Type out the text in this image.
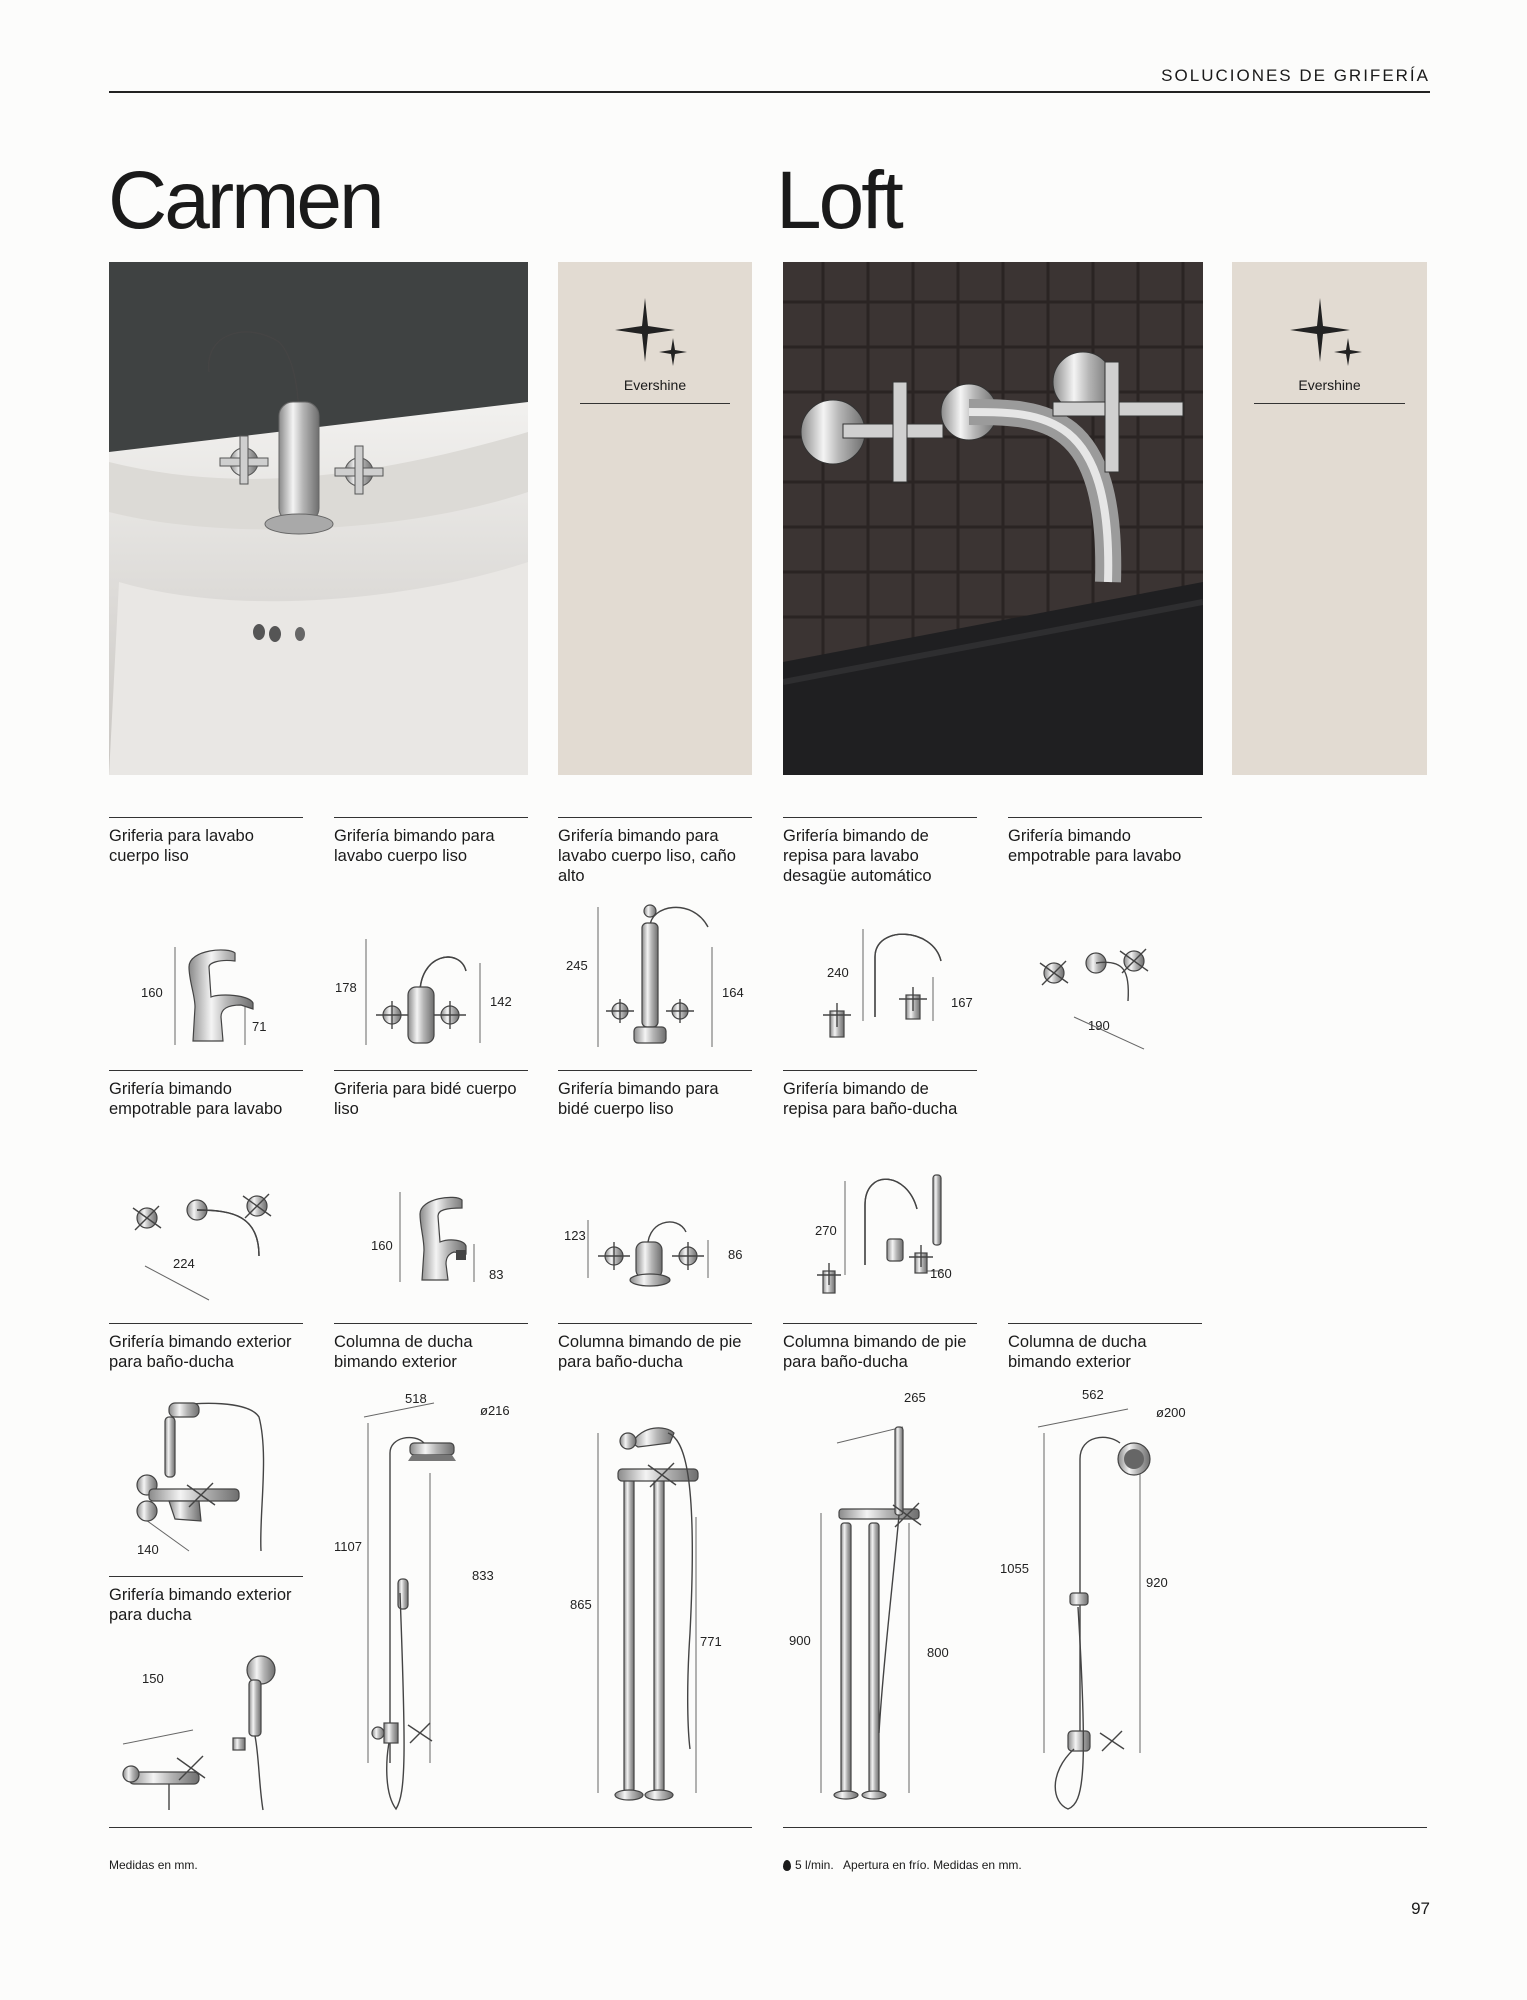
SOLUCIONES DE GRIFERÍA
Carmen	Loft
Evershine	Evershine
Griferia para lavabo cuerpo liso
160
71
Grifería bimando para lavabo cuerpo liso
178
142
Grifería bimando para lavabo cuerpo liso, caño alto
245
164
Grifería bimando de repisa para lavabo desagüe automático
240
167
Grifería bimando empotrable para lavabo
190
Grifería bimando empotrable para lavabo
224
Griferia para bidé cuerpo liso
160
83
Grifería bimando para bidé cuerpo liso
123
86
Grifería bimando de repisa para baño-ducha
270
160
Grifería bimando exterior para baño-ducha
140
Grifería bimando exterior para ducha
150
Columna de ducha bimando exterior
518
ø216
1107
833
Columna bimando de pie para baño-ducha
865
771
Columna bimando de pie para baño-ducha
265
900
800
Columna de ducha bimando exterior
562
ø200
1055
920
Medidas en mm.	5 l/min.   Apertura en frío. Medidas en mm.
97
